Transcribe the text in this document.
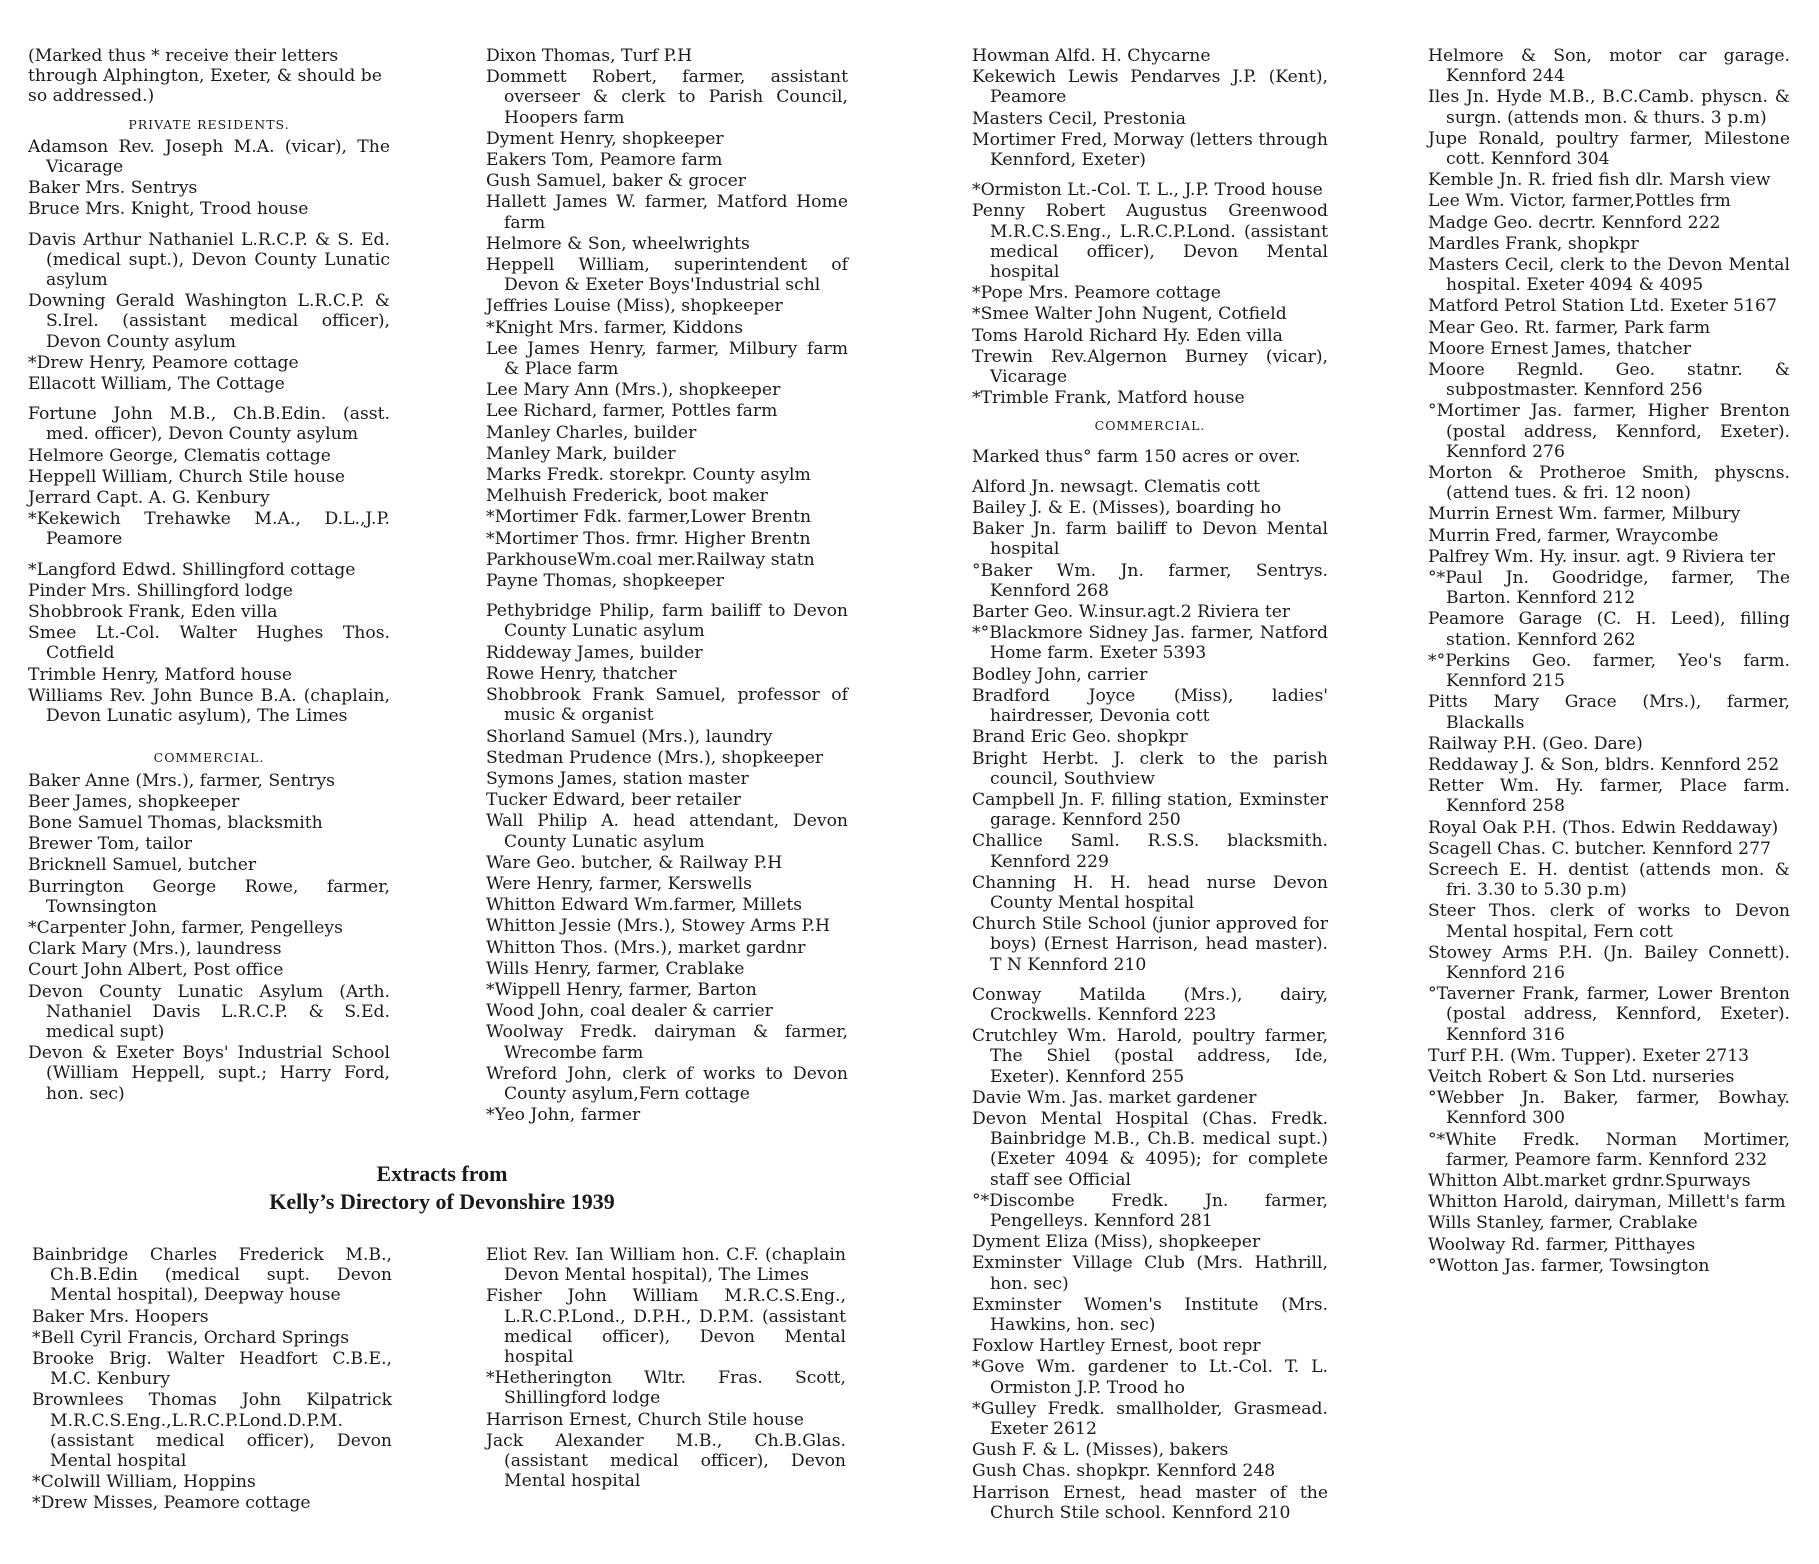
(Marked thus * receive their letters through Alphington, Exeter, & should be so addressed.)

PRIVATE RESIDENTS.

Adamson Rev. Joseph M.A. (vicar), The Vicarage

Baker Mrs. Sentrys

Bruce Mrs. Knight, Trood house

Davis Arthur Nathaniel L.R.C.P. & S. Ed. (medical supt.), Devon County Lunatic asylum

Downing Gerald Washington L.R.C.P. & S.Irel. (assistant medical officer), Devon County asylum

*Drew Henry, Peamore cottage

Ellacott William, The Cottage

Fortune John M.B., Ch.B.Edin. (asst. med. officer), Devon County asylum

Helmore George, Clematis cottage

Heppell William, Church Stile house

Jerrard Capt. A. G. Kenbury

*Kekewich Trehawke M.A., D.L.,J.P. Peamore

*Langford Edwd. Shillingford cottage

Pinder Mrs. Shillingford lodge

Shobbrook Frank, Eden villa

Smee Lt.-Col. Walter Hughes Thos. Cotfield

Trimble Henry, Matford house

Williams Rev. John Bunce B.A. (chaplain, Devon Lunatic asylum), The Limes

COMMERCIAL.

Baker Anne (Mrs.), farmer, Sentrys

Beer James, shopkeeper

Bone Samuel Thomas, blacksmith

Brewer Tom, tailor

Bricknell Samuel, butcher

Burrington George Rowe, farmer, Townsington

*Carpenter John, farmer, Pengelleys

Clark Mary (Mrs.), laundress

Court John Albert, Post office

Devon County Lunatic Asylum (Arth. Nathaniel Davis L.R.C.P. & S.Ed. medical supt)

Devon & Exeter Boys' Industrial School (William Heppell, supt.; Harry Ford, hon. sec)

Dixon Thomas, Turf P.H

Dommett Robert, farmer, assistant overseer & clerk to Parish Council, Hoopers farm

Dyment Henry, shopkeeper

Eakers Tom, Peamore farm

Gush Samuel, baker & grocer

Hallett James W. farmer, Matford Home farm

Helmore & Son, wheelwrights

Heppell William, superintendent of Devon & Exeter Boys'Industrial schl

Jeffries Louise (Miss), shopkeeper

*Knight Mrs. farmer, Kiddons

Lee James Henry, farmer, Milbury farm & Place farm

Lee Mary Ann (Mrs.), shopkeeper

Lee Richard, farmer, Pottles farm

Manley Charles, builder

Manley Mark, builder

Marks Fredk. storekpr. County asylm

Melhuish Frederick, boot maker

*Mortimer Fdk. farmer,Lower Brentn

*Mortimer Thos. frmr. Higher Brentn

ParkhouseWm.coal mer.Railway statn

Payne Thomas, shopkeeper

Pethybridge Philip, farm bailiff to Devon County Lunatic asylum

Riddeway James, builder

Rowe Henry, thatcher

Shobbrook Frank Samuel, professor of music & organist

Shorland Samuel (Mrs.), laundry

Stedman Prudence (Mrs.), shopkeeper

Symons James, station master

Tucker Edward, beer retailer

Wall Philip A. head attendant, Devon County Lunatic asylum

Ware Geo. butcher, & Railway P.H

Were Henry, farmer, Kerswells

Whitton Edward Wm.farmer, Millets

Whitton Jessie (Mrs.), Stowey Arms P.H

Whitton Thos. (Mrs.), market gardnr

Wills Henry, farmer, Crablake

*Wippell Henry, farmer, Barton

Wood John, coal dealer & carrier

Woolway Fredk. dairyman & farmer, Wrecombe farm

Wreford John, clerk of works to Devon County asylum,Fern cottage

*Yeo John, farmer

Extracts from
Kelly’s Directory of Devonshire 1939

Bainbridge Charles Frederick M.B., Ch.B.Edin (medical supt. Devon Mental hospital), Deepway house

Baker Mrs. Hoopers

*Bell Cyril Francis, Orchard Springs

Brooke Brig. Walter Headfort C.B.E., M.C. Kenbury

Brownlees Thomas John Kilpatrick M.R.C.S.Eng.,L.R.C.P.Lond.D.P.M. (assistant medical officer), Devon Mental hospital

*Colwill William, Hoppins

*Drew Misses, Peamore cottage

Eliot Rev. Ian William hon. C.F. (chaplain Devon Mental hospital), The Limes

Fisher John William M.R.C.S.Eng., L.R.C.P.Lond., D.P.H., D.P.M. (assistant medical officer), Devon Mental hospital

*Hetherington Wltr. Fras. Scott, Shillingford lodge

Harrison Ernest, Church Stile house

Jack Alexander M.B., Ch.B.Glas. (assistant medical officer), Devon Mental hospital

Howman Alfd. H. Chycarne

Kekewich Lewis Pendarves J.P. (Kent), Peamore

Masters Cecil, Prestonia

Mortimer Fred, Morway (letters through Kennford, Exeter)

*Ormiston Lt.-Col. T. L., J.P. Trood house

Penny Robert Augustus Greenwood M.R.C.S.Eng., L.R.C.P.Lond. (assistant medical officer), Devon Mental hospital

*Pope Mrs. Peamore cottage

*Smee Walter John Nugent, Cotfield

Toms Harold Richard Hy. Eden villa

Trewin Rev.Algernon Burney (vicar), Vicarage

*Trimble Frank, Matford house

COMMERCIAL.

Marked thus° farm 150 acres or over.

Alford Jn. newsagt. Clematis cott

Bailey J. & E. (Misses), boarding ho

Baker Jn. farm bailiff to Devon Mental hospital

°Baker Wm. Jn. farmer, Sentrys. Kennford 268

Barter Geo. W.insur.agt.2 Riviera ter

*°Blackmore Sidney Jas. farmer, Natford Home farm. Exeter 5393

Bodley John, carrier

Bradford Joyce (Miss), ladies' hairdresser, Devonia cott

Brand Eric Geo. shopkpr

Bright Herbt. J. clerk to the parish council, Southview

Campbell Jn. F. filling station, Exminster garage. Kennford 250

Challice Saml. R.S.S. blacksmith. Kennford 229

Channing H. H. head nurse Devon County Mental hospital

Church Stile School (junior approved for boys) (Ernest Harrison, head master). T N Kennford 210

Conway Matilda (Mrs.), dairy, Crockwells. Kennford 223

Crutchley Wm. Harold, poultry farmer, The Shiel (postal address, Ide, Exeter). Kennford 255

Davie Wm. Jas. market gardener

Devon Mental Hospital (Chas. Fredk. Bainbridge M.B., Ch.B. medical supt.) (Exeter 4094 & 4095); for complete staff see Official

°*Discombe Fredk. Jn. farmer, Pengelleys. Kennford 281

Dyment Eliza (Miss), shopkeeper

Exminster Village Club (Mrs. Hathrill, hon. sec)

Exminster Women's Institute (Mrs. Hawkins, hon. sec)

Foxlow Hartley Ernest, boot repr

*Gove Wm. gardener to Lt.-Col. T. L. Ormiston J.P. Trood ho

*Gulley Fredk. smallholder, Grasmead. Exeter 2612

Gush F. & L. (Misses), bakers

Gush Chas. shopkpr. Kennford 248

Harrison Ernest, head master of the Church Stile school. Kennford 210

Helmore & Son, motor car garage. Kennford 244

Iles Jn. Hyde M.B., B.C.Camb. physcn. & surgn. (attends mon. & thurs. 3 p.m)

Jupe Ronald, poultry farmer, Milestone cott. Kennford 304

Kemble Jn. R. fried fish dlr. Marsh view

Lee Wm. Victor, farmer,Pottles frm

Madge Geo. decrtr. Kennford 222

Mardles Frank, shopkpr

Masters Cecil, clerk to the Devon Mental hospital. Exeter 4094 & 4095

Matford Petrol Station Ltd. Exeter 5167

Mear Geo. Rt. farmer, Park farm

Moore Ernest James, thatcher

Moore Regnld. Geo. statnr. & subpostmaster. Kennford 256

°Mortimer Jas. farmer, Higher Brenton (postal address, Kennford, Exeter). Kennford 276

Morton & Protheroe Smith, physcns. (attend tues. & fri. 12 noon)

Murrin Ernest Wm. farmer, Milbury

Murrin Fred, farmer, Wraycombe

Palfrey Wm. Hy. insur. agt. 9 Riviera ter

°*Paul Jn. Goodridge, farmer, The Barton. Kennford 212

Peamore Garage (C. H. Leed), filling station. Kennford 262

*°Perkins Geo. farmer, Yeo's farm. Kennford 215

Pitts Mary Grace (Mrs.), farmer, Blackalls

Railway P.H. (Geo. Dare)

Reddaway J. & Son, bldrs. Kennford 252

Retter Wm. Hy. farmer, Place farm. Kennford 258

Royal Oak P.H. (Thos. Edwin Reddaway)

Scagell Chas. C. butcher. Kennford 277

Screech E. H. dentist (attends mon. & fri. 3.30 to 5.30 p.m)

Steer Thos. clerk of works to Devon Mental hospital, Fern cott

Stowey Arms P.H. (Jn. Bailey Connett). Kennford 216

°Taverner Frank, farmer, Lower Brenton (postal address, Kennford, Exeter). Kennford 316

Turf P.H. (Wm. Tupper). Exeter 2713

Veitch Robert & Son Ltd. nurseries

°Webber Jn. Baker, farmer, Bowhay. Kennford 300

°*White Fredk. Norman Mortimer, farmer, Peamore farm. Kennford 232

Whitton Albt.market grdnr.Spurways

Whitton Harold, dairyman, Millett's farm

Wills Stanley, farmer, Crablake

Woolway Rd. farmer, Pitthayes

°Wotton Jas. farmer, Towsington
